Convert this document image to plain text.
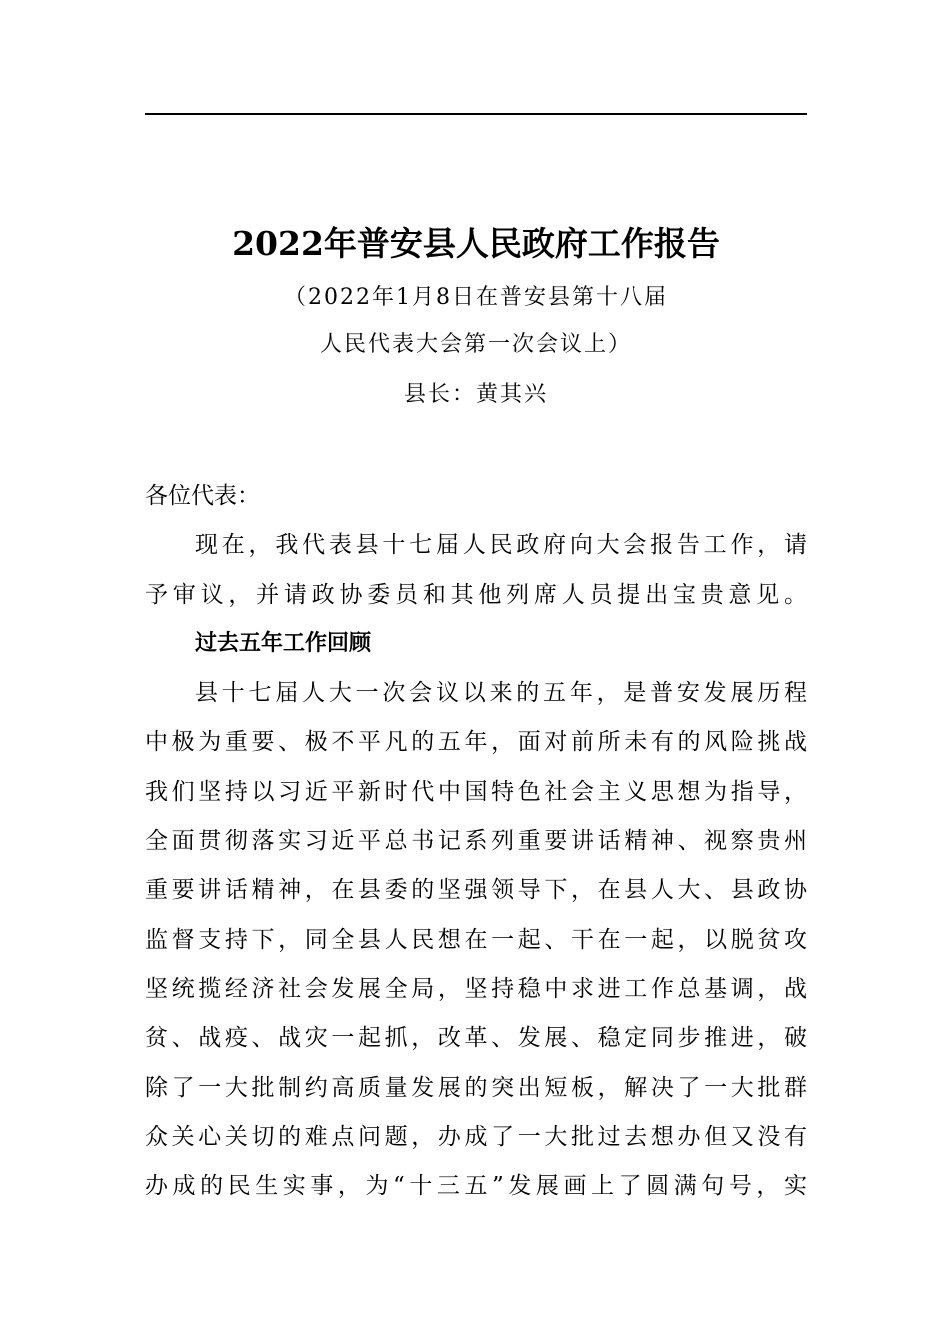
2022年普安县人民政府工作报告
（2022年1月8日在普安县第十八届
人民代表大会第一次会议上）
县长：黄其兴
各位代表：
现在，我代表县十七届人民政府向大会报告工作，请
予审议，并请政协委员和其他列席人员提出宝贵意见。
过去五年工作回顾
县十七届人大一次会议以来的五年，是普安发展历程
中极为重要、极不平凡的五年，面对前所未有的风险挑战
我们坚持以习近平新时代中国特色社会主义思想为指导，
全面贯彻落实习近平总书记系列重要讲话精神、视察贵州
重要讲话精神，在县委的坚强领导下，在县人大、县政协
监督支持下，同全县人民想在一起、干在一起，以脱贫攻
坚统揽经济社会发展全局，坚持稳中求进工作总基调，战
贫、战疫、战灾一起抓，改革、发展、稳定同步推进，破
除了一大批制约高质量发展的突出短板，解决了一大批群
众关心关切的难点问题，办成了一大批过去想办但又没有
办成的民生实事，为“十三五”发展画上了圆满句号，实
